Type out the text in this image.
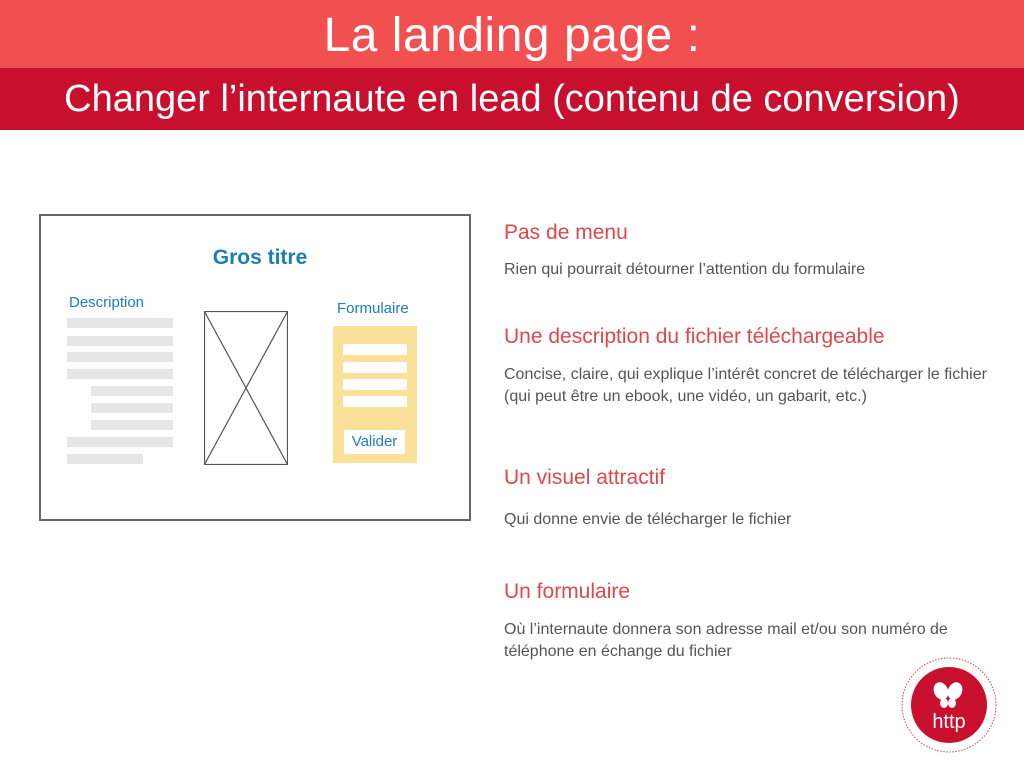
La landing page :
Changer l’internaute en lead (contenu de conversion)
Gros titre
Description	Formulaire
Valider
Pas de menu
Rien qui pourrait détourner l’attention du formulaire
Une description du fichier téléchargeable
Concise, claire, qui explique l’intérêt concret de télécharger le fichier (qui peut être un ebook, une vidéo, un gabarit, etc.)
Un visuel attractif
Qui donne envie de télécharger le fichier
Un formulaire
Où l’internaute donnera son adresse mail et/ou son numéro de téléphone en échange du fichier
http
